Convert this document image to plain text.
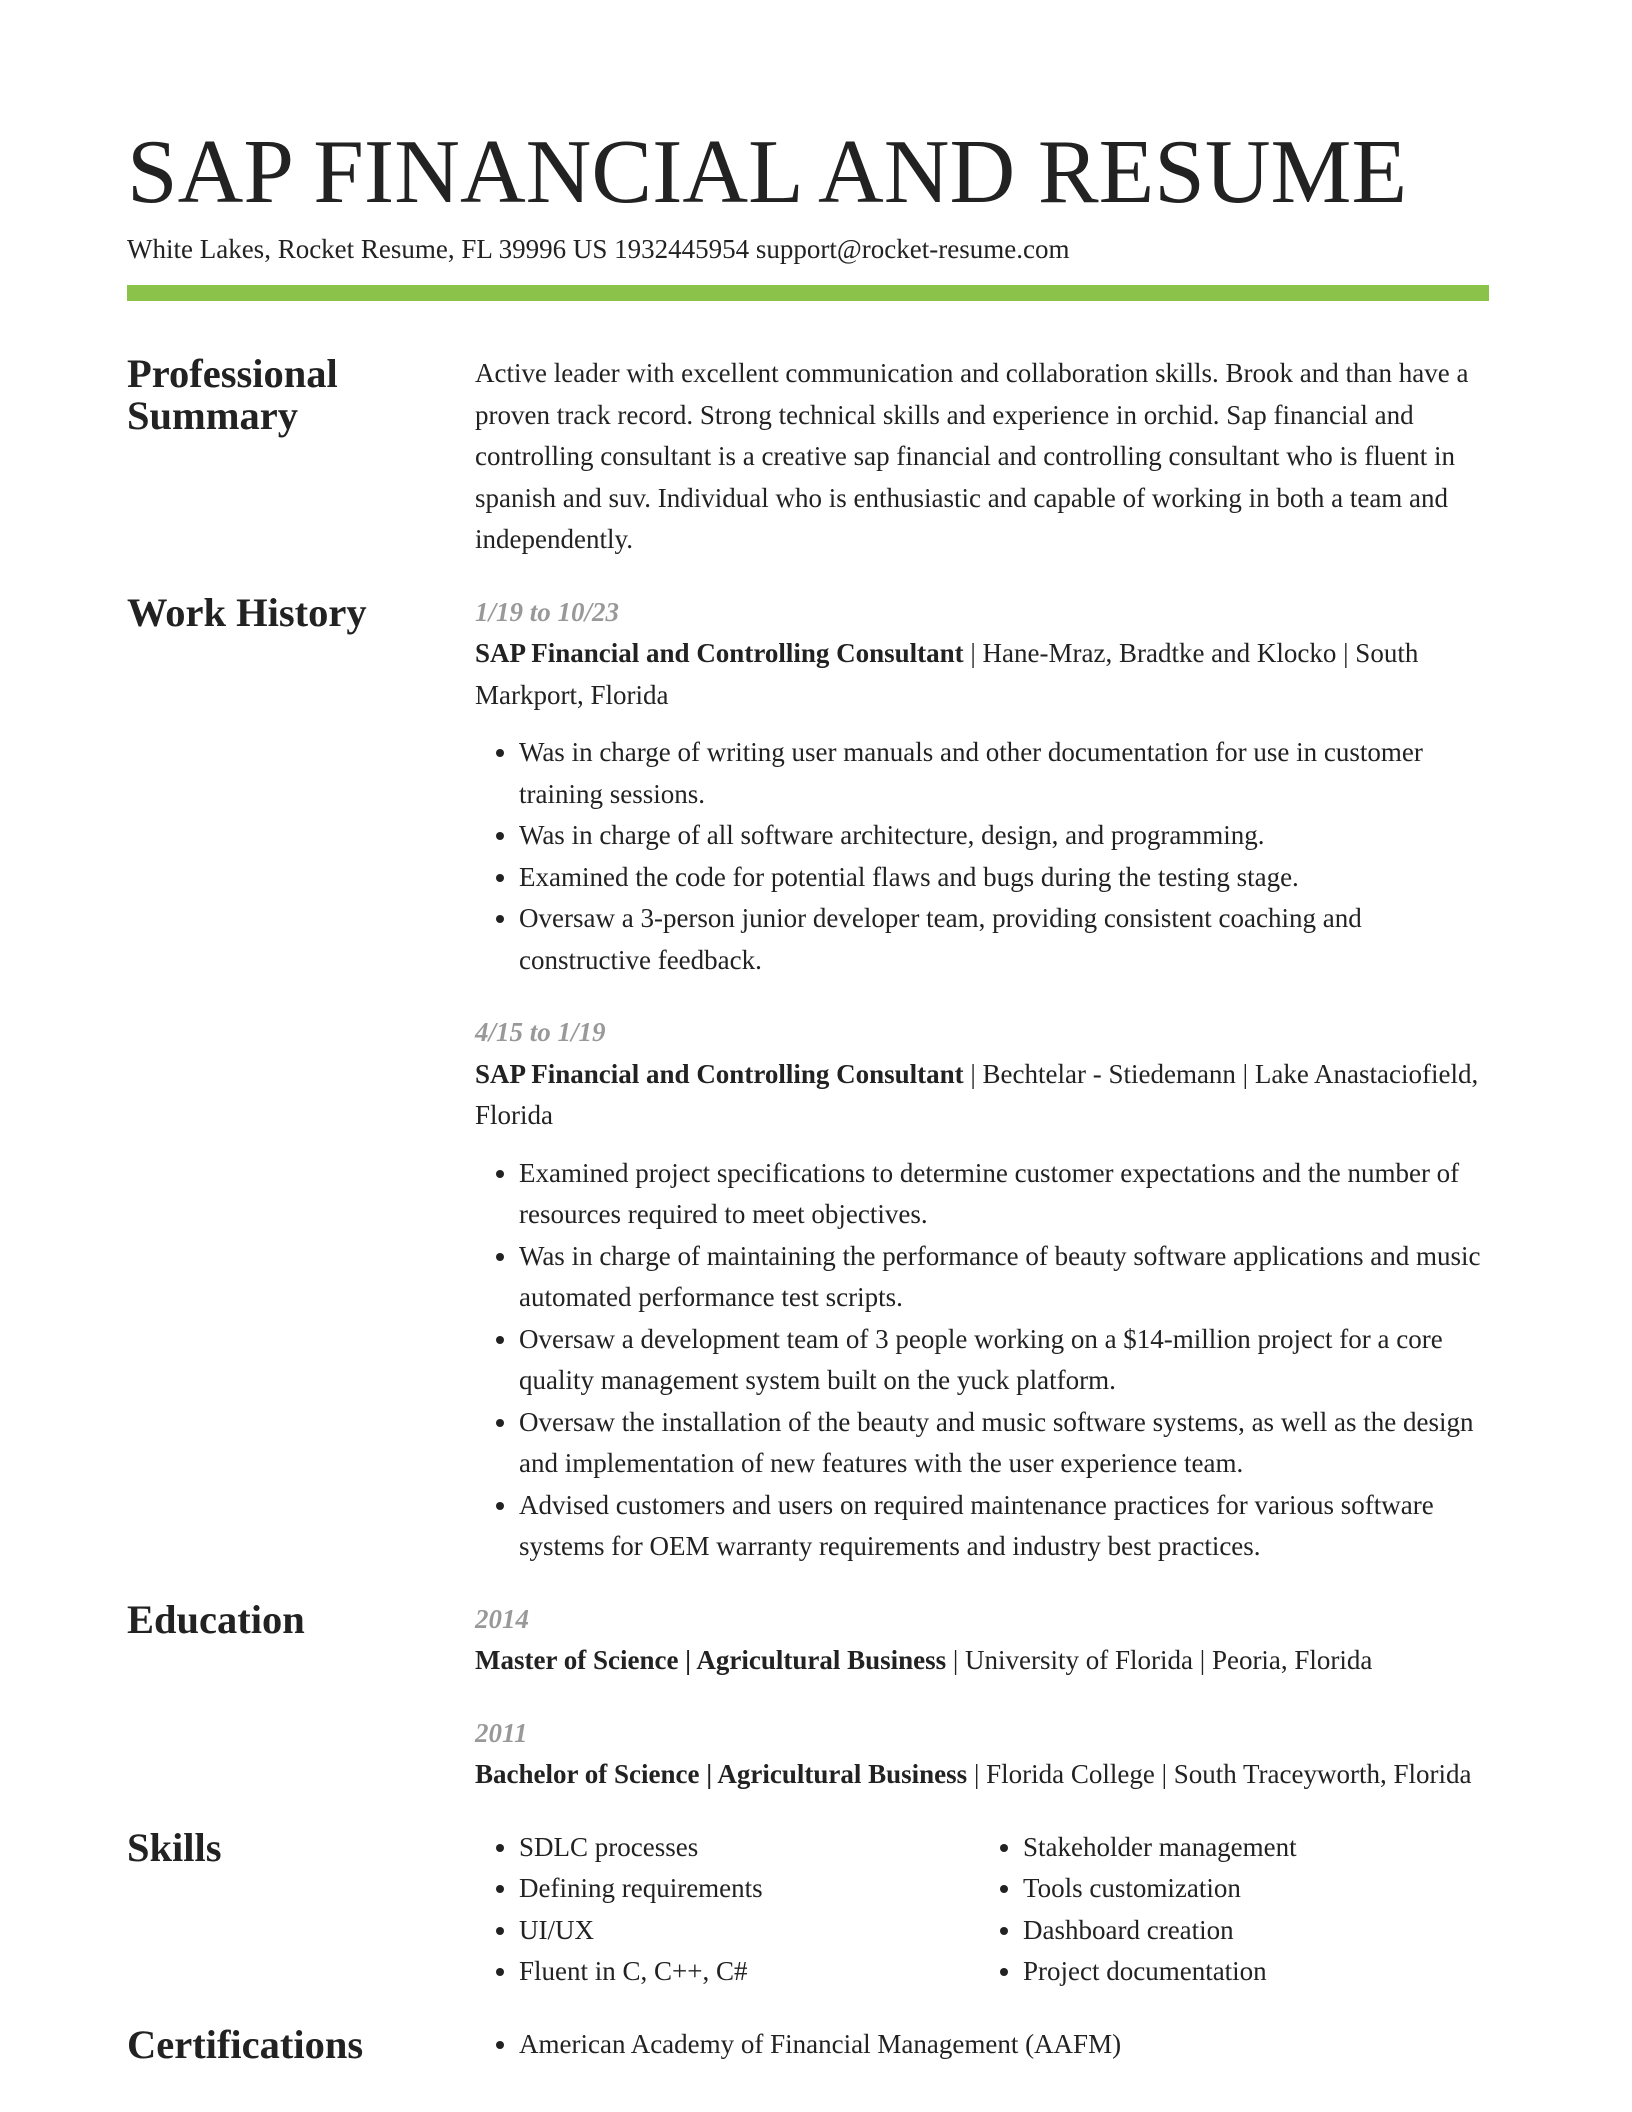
SAP FINANCIAL AND RESUME
White Lakes, Rocket Resume, FL 39996 US 1932445954 support@rocket-resume.com
Professional Summary

Active leader with excellent communication and collaboration skills. Brook and than have a proven track record. Strong technical skills and experience in orchid. Sap financial and controlling consultant is a creative sap financial and controlling consultant who is fluent in spanish and suv. Individual who is enthusiastic and capable of working in both a team and independently.

Work History	1/19 to 10/23

SAP Financial and Controlling Consultant | Hane-Mraz, Bradtke and Klocko | South Markport, Florida

• Was in charge of writing user manuals and other documentation for use in customer training sessions.
• Was in charge of all software architecture, design, and programming.
• Examined the code for potential flaws and bugs during the testing stage.
• Oversaw a 3-person junior developer team, providing consistent coaching and constructive feedback.
4/15 to 1/19

SAP Financial and Controlling Consultant | Bechtelar - Stiedemann | Lake Anastaciofield, Florida

• Examined project specifications to determine customer expectations and the number of resources required to meet objectives.
• Was in charge of maintaining the performance of beauty software applications and music automated performance test scripts.
• Oversaw a development team of 3 people working on a $14-million project for a core quality management system built on the yuck platform.
• Oversaw the installation of the beauty and music software systems, as well as the design and implementation of new features with the user experience team.
• Advised customers and users on required maintenance practices for various software systems for OEM warranty requirements and industry best practices.
Education	2014

Master of Science | Agricultural Business | University of Florida | Peoria, Florida

2011

Bachelor of Science | Agricultural Business | Florida College | South Traceyworth, Florida

Skills	• SDLC processes
• Defining requirements
• UI/UX
• Fluent in C, C++, C#
• Stakeholder management
• Tools customization
• Dashboard creation
• Project documentation
Certifications	• American Academy of Financial Management (AAFM)
